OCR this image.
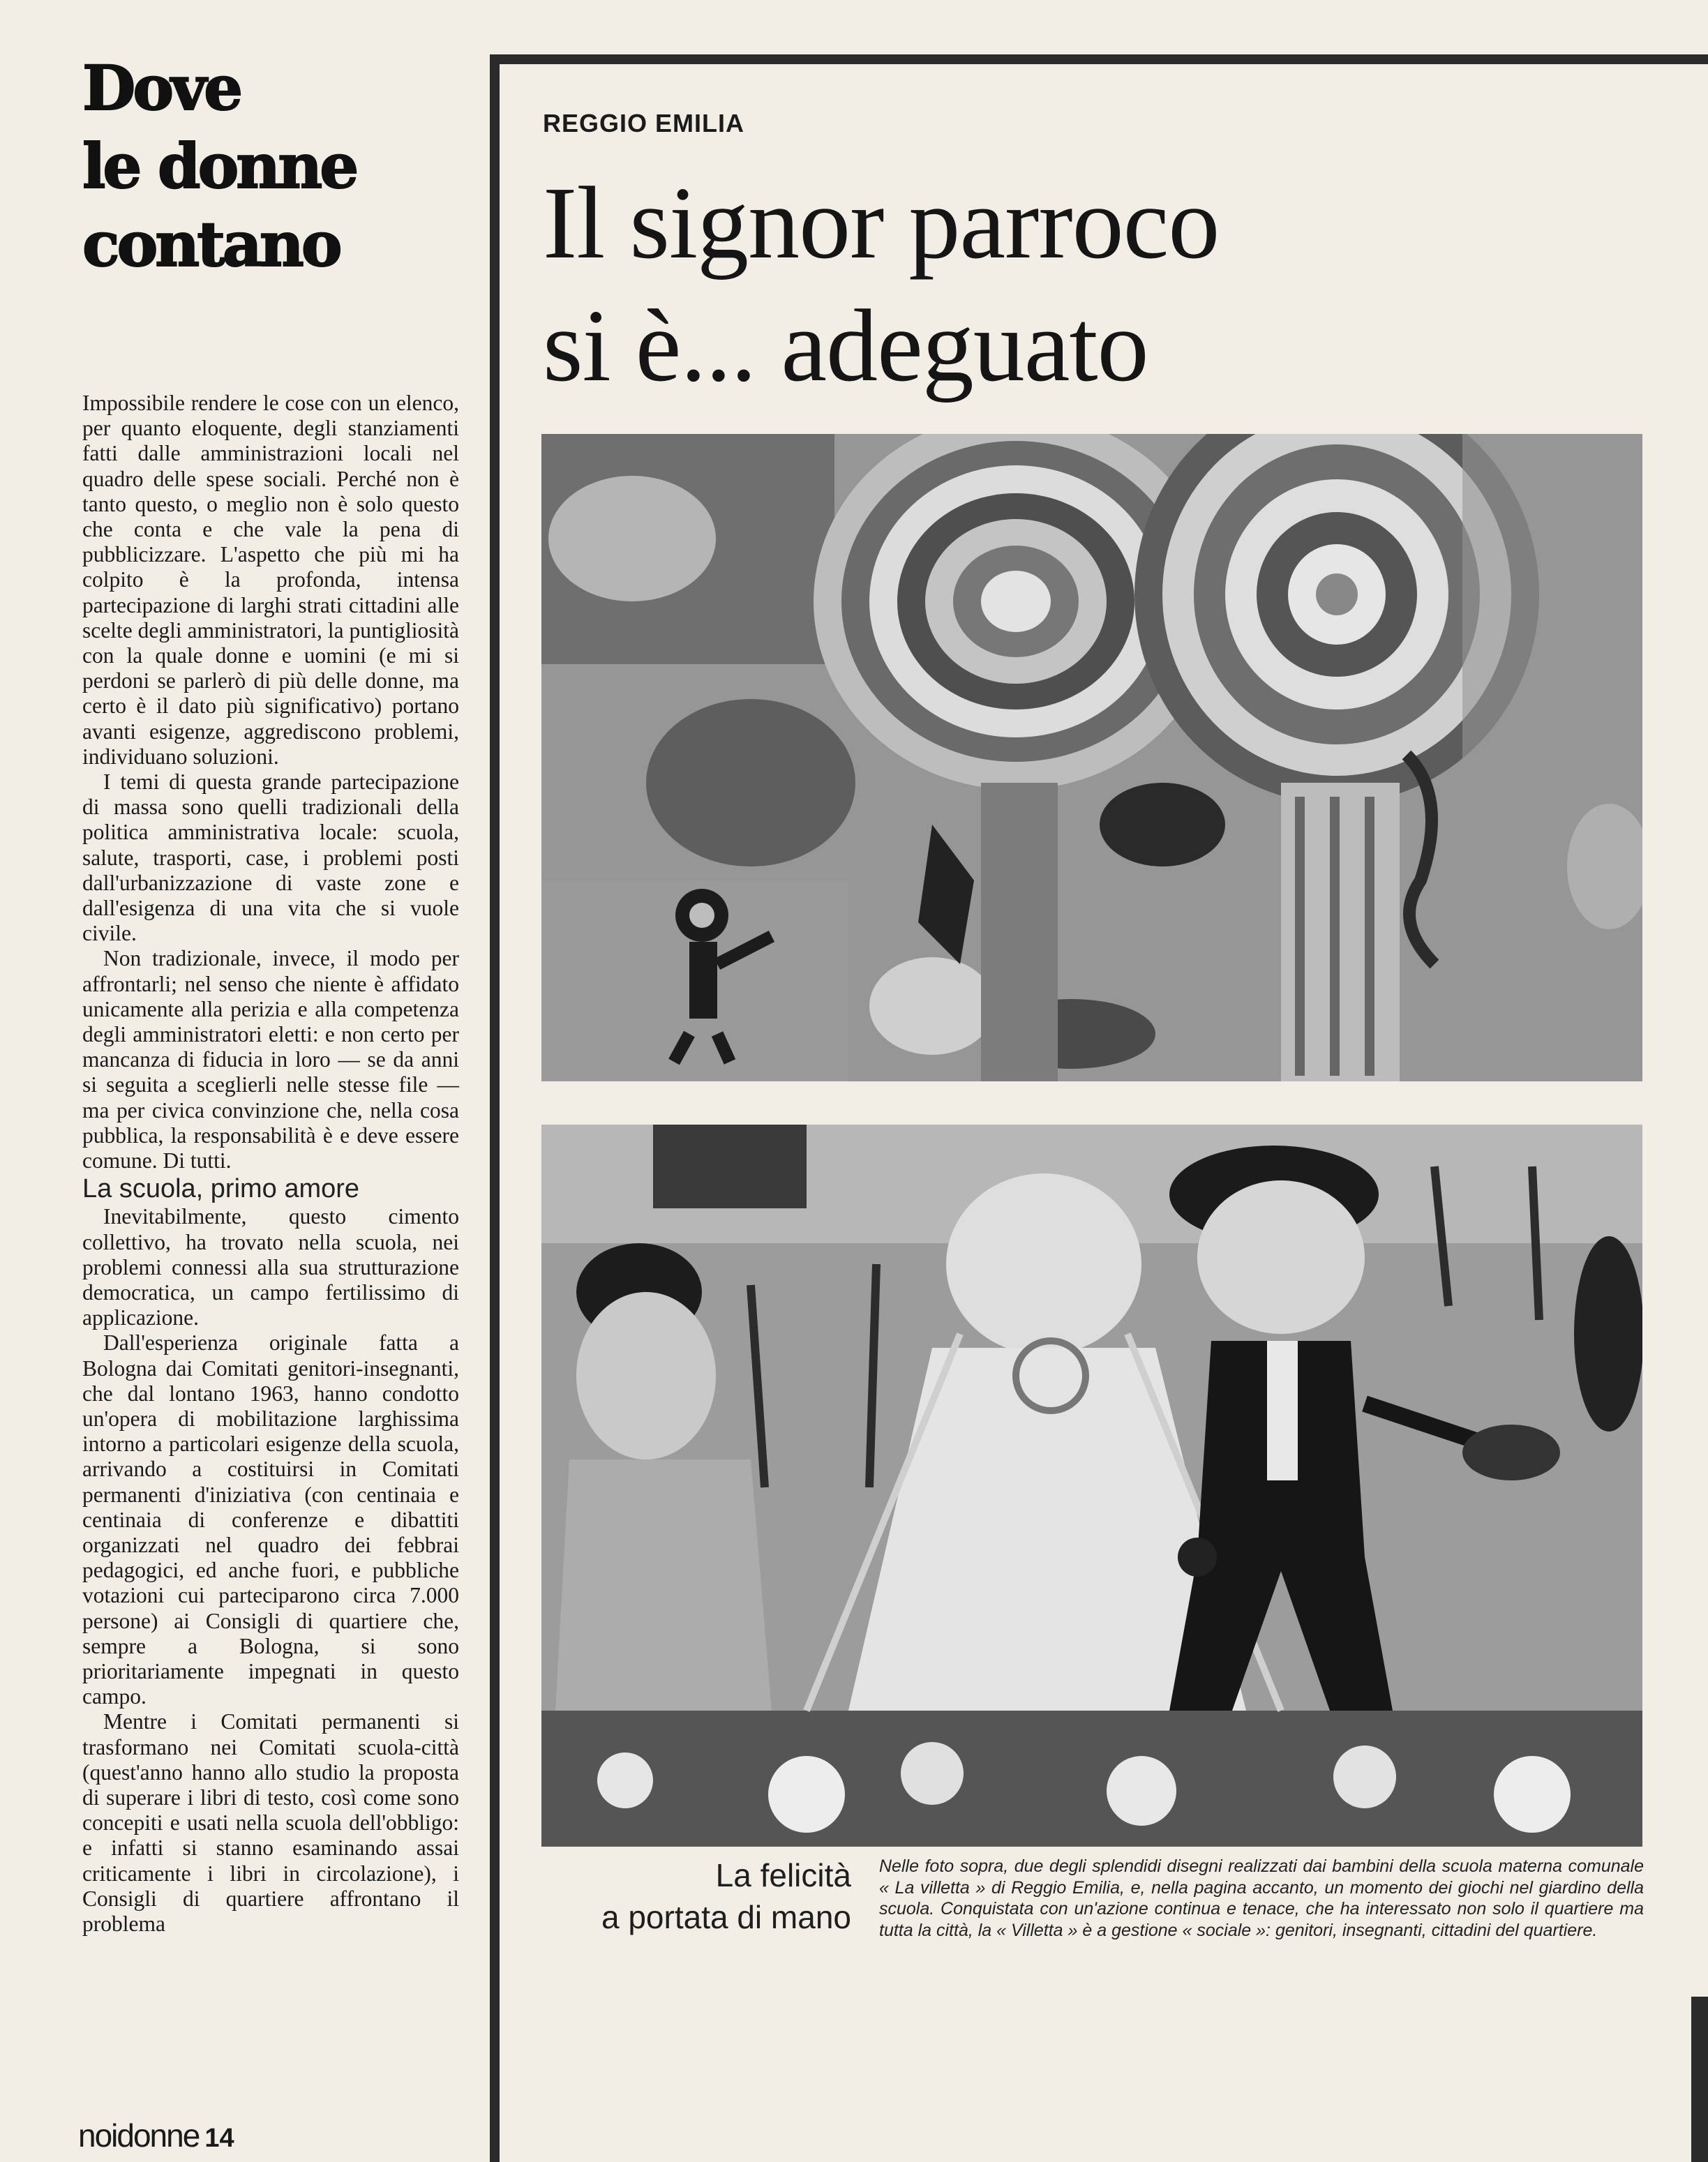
Dove
le donne
contano

Impossibile rendere le cose con un elenco, per quanto eloquente, degli stanziamenti fatti dalle amministrazioni locali nel quadro delle spese sociali. Perché non è tanto questo, o meglio non è solo questo che conta e che vale la pena di pubblicizzare. L'aspetto che più mi ha colpito è la profonda, intensa partecipazione di larghi strati cittadini alle scelte degli amministratori, la puntigliosità con la quale donne e uomini (e mi si perdoni se parlerò di più delle donne, ma certo è il dato più significativo) portano avanti esigenze, aggrediscono problemi, individuano soluzioni.

I temi di questa grande partecipazione di massa sono quelli tradizionali della politica amministrativa locale: scuola, salute, trasporti, case, i problemi posti dall'urbanizzazione di vaste zone e dall'esigenza di una vita che si vuole civile.

Non tradizionale, invece, il modo per affrontarli; nel senso che niente è affidato unicamente alla perizia e alla competenza degli amministratori eletti: e non certo per mancanza di fiducia in loro — se da anni si seguita a sceglierli nelle stesse file — ma per civica convinzione che, nella cosa pubblica, la responsabilità è e deve essere comune. Di tutti.

La scuola, primo amore

Inevitabilmente, questo cimento collettivo, ha trovato nella scuola, nei problemi connessi alla sua strutturazione democratica, un campo fertilissimo di applicazione.

Dall'esperienza originale fatta a Bologna dai Comitati genitori-insegnanti, che dal lontano 1963, hanno condotto un'opera di mobilitazione larghissima intorno a particolari esigenze della scuola, arrivando a costituirsi in Comitati permanenti d'iniziativa (con centinaia e centinaia di conferenze e dibattiti organizzati nel quadro dei febbrai pedagogici, ed anche fuori, e pubbliche votazioni cui parteciparono circa 7.000 persone) ai Consigli di quartiere che, sempre a Bologna, si sono prioritariamente impegnati in questo campo.

Mentre i Comitati permanenti si trasformano nei Comitati scuola-città (quest'anno hanno allo studio la proposta di superare i libri di testo, così come sono concepiti e usati nella scuola dell'obbligo: e infatti si stanno esaminando assai criticamente i libri in circolazione), i Consigli di quartiere affrontano il problema

REGGIO EMILIA
Il signor parroco
si è... adeguato
La felicità
a portata di mano
Nelle foto sopra, due degli splendidi disegni realizzati dai bambini della scuola materna comunale « La villetta » di Reggio Emilia, e, nella pagina accanto, un momento dei giochi nel giardino della scuola. Conquistata con un'azione continua e tenace, che ha interessato non solo il quartiere ma tutta la città, la « Villetta » è a gestione « sociale »: genitori, insegnanti, cittadini del quartiere.
noidonne 14
